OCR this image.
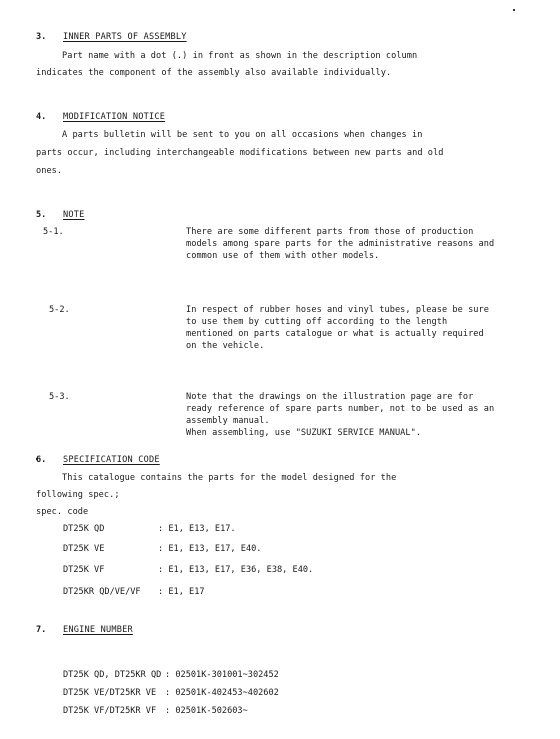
3. INNER PARTS OF ASSEMBLY
Part name with a dot (.) in front as shown in the description column
indicates the component of the assembly also available individually.
4. MODIFICATION NOTICE
A parts bulletin will be sent to you on all occasions when changes in
parts occur, including interchangeable modifications between new parts and old
ones.
5. NOTE
5-1.	There are some different parts from those of production
models among spare parts for the administrative reasons and
common use of them with other models.
5-2.	In respect of rubber hoses and vinyl tubes, please be sure
to use them by cutting off according to the length
mentioned on parts catalogue or what is actually required
on the vehicle.
5-3.	Note that the drawings on the illustration page are for
ready reference of spare parts number, not to be used as an
assembly manual.
When assembling, use "SUZUKI SERVICE MANUAL".
6. SPECIFICATION CODE
This catalogue contains the parts for the model designed for the
following spec.;
spec. code
DT25K QD	: E1, E13, E17.
DT25K VE	: E1, E13, E17, E40.
DT25K VF	: E1, E13, E17, E36, E38, E40.
DT25KR QD/VE/VF : E1, E17
7. ENGINE NUMBER
DT25K QD, DT25KR QD : 02501K-301001~302452
DT25K VE/DT25KR VE : 02501K-402453~402602
DT25K VF/DT25KR VF : 02501K-502603~
